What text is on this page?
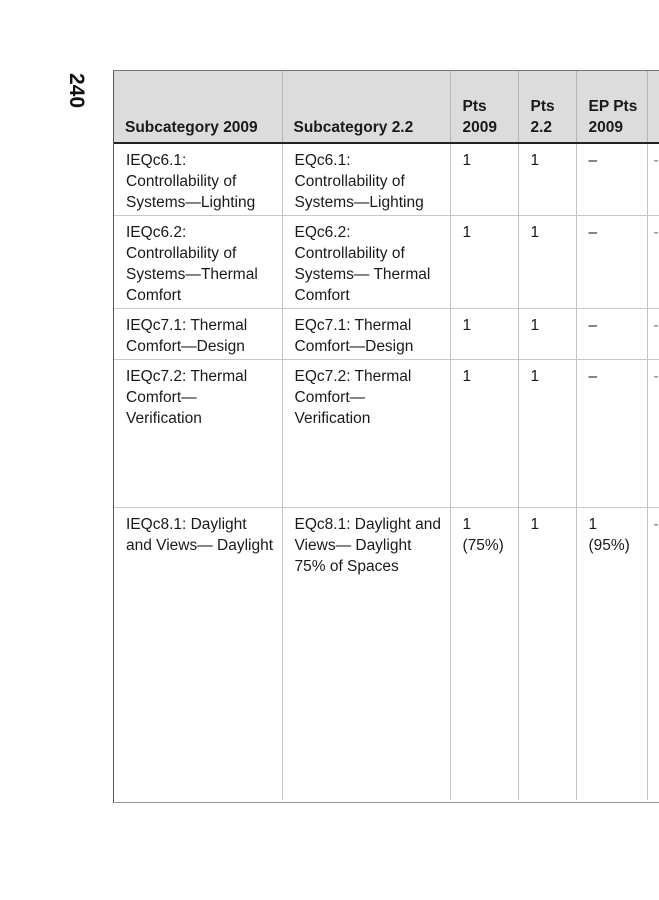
240
Subcategory 2009	Subcategory 2.2	Pts 2009	Pts 2.2	EP Pts 2009	
IEQc6.1: Controllability of Systems—Lighting	EQc6.1: Controllability of Systems—Lighting	1	1	–	-
IEQc6.2: Controllability of Systems—Thermal Comfort	EQc6.2: Controllability of Systems— Thermal Comfort	1	1	–	-
IEQc7.1: Thermal Comfort—Design	EQc7.1: Thermal Comfort—Design	1	1	–	-
IEQc7.2: Thermal Comfort— Verification	EQc7.2: Thermal Comfort— Verification	1	1	–	-
IEQc8.1: Daylight and Views— Daylight	EQc8.1: Daylight and Views— Daylight 75% of Spaces	1 (75%)	1	1 (95%)	-
